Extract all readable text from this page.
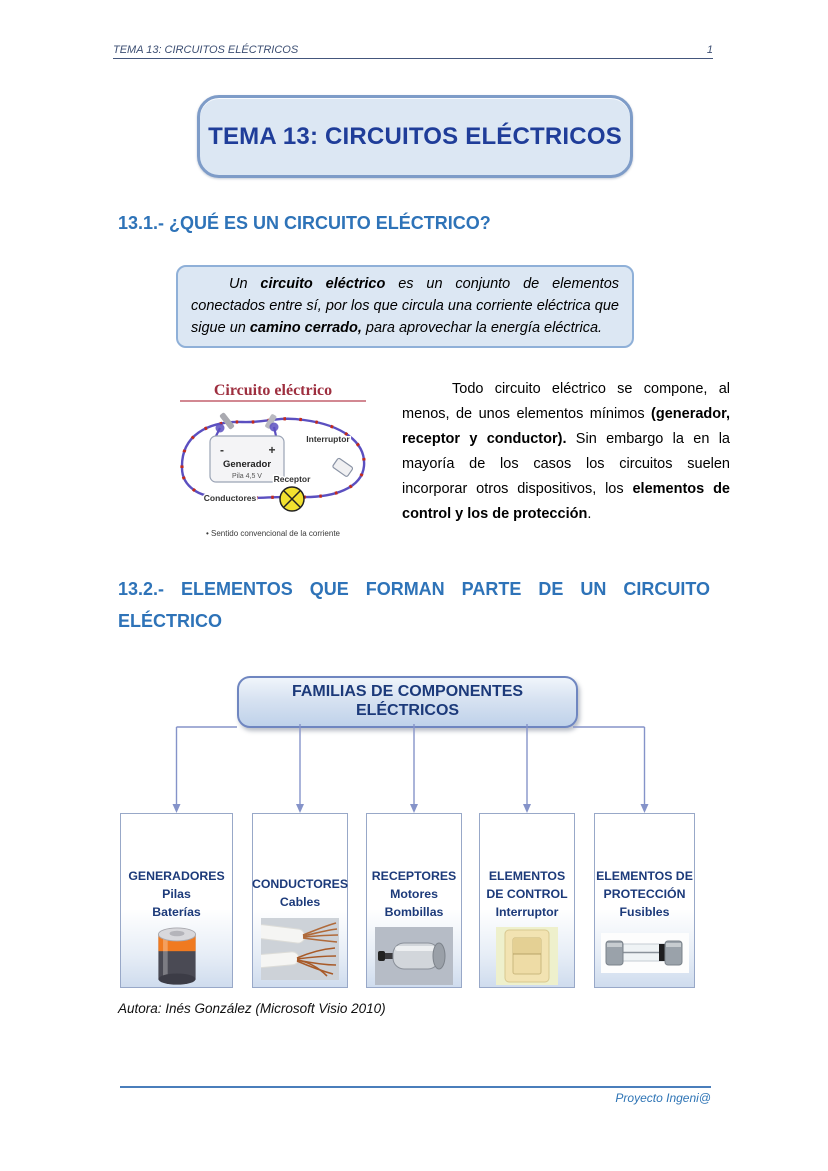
TEMA 13: CIRCUITOS ELÉCTRICOS	1
TEMA 13: CIRCUITOS ELÉCTRICOS
13.1.- ¿QUÉ ES UN CIRCUITO ELÉCTRICO?

Un circuito eléctrico es un conjunto de elementos conectados entre sí, por los que circula una corriente eléctrica que sigue un camino cerrado, para aprovechar la energía eléctrica.

Circuito eléctrico
-	+
Generador
Pila 4,5 V
Interruptor
Receptor
Conductores
• Sentido convencional de la corriente

Todo circuito eléctrico se compone, al menos, de unos elementos mínimos (generador, receptor y conductor). Sin embargo la en la mayoría de los casos los circuitos suelen incorporar otros dispositivos, los elementos de control y los de protección.

13.2.- ELEMENTOS QUE FORMAN PARTE DE UN CIRCUITO ELÉCTRICO
FAMILIAS DE COMPONENTES
ELÉCTRICOS
GENERADORES
Pilas
Baterías
CONDUCTORES
Cables
RECEPTORES
Motores
Bombillas
ELEMENTOS DE CONTROL
Interruptor
ELEMENTOS DE PROTECCIÓN
Fusibles
Autora: Inés González (Microsoft Visio 2010)
Proyecto Ingeni@
